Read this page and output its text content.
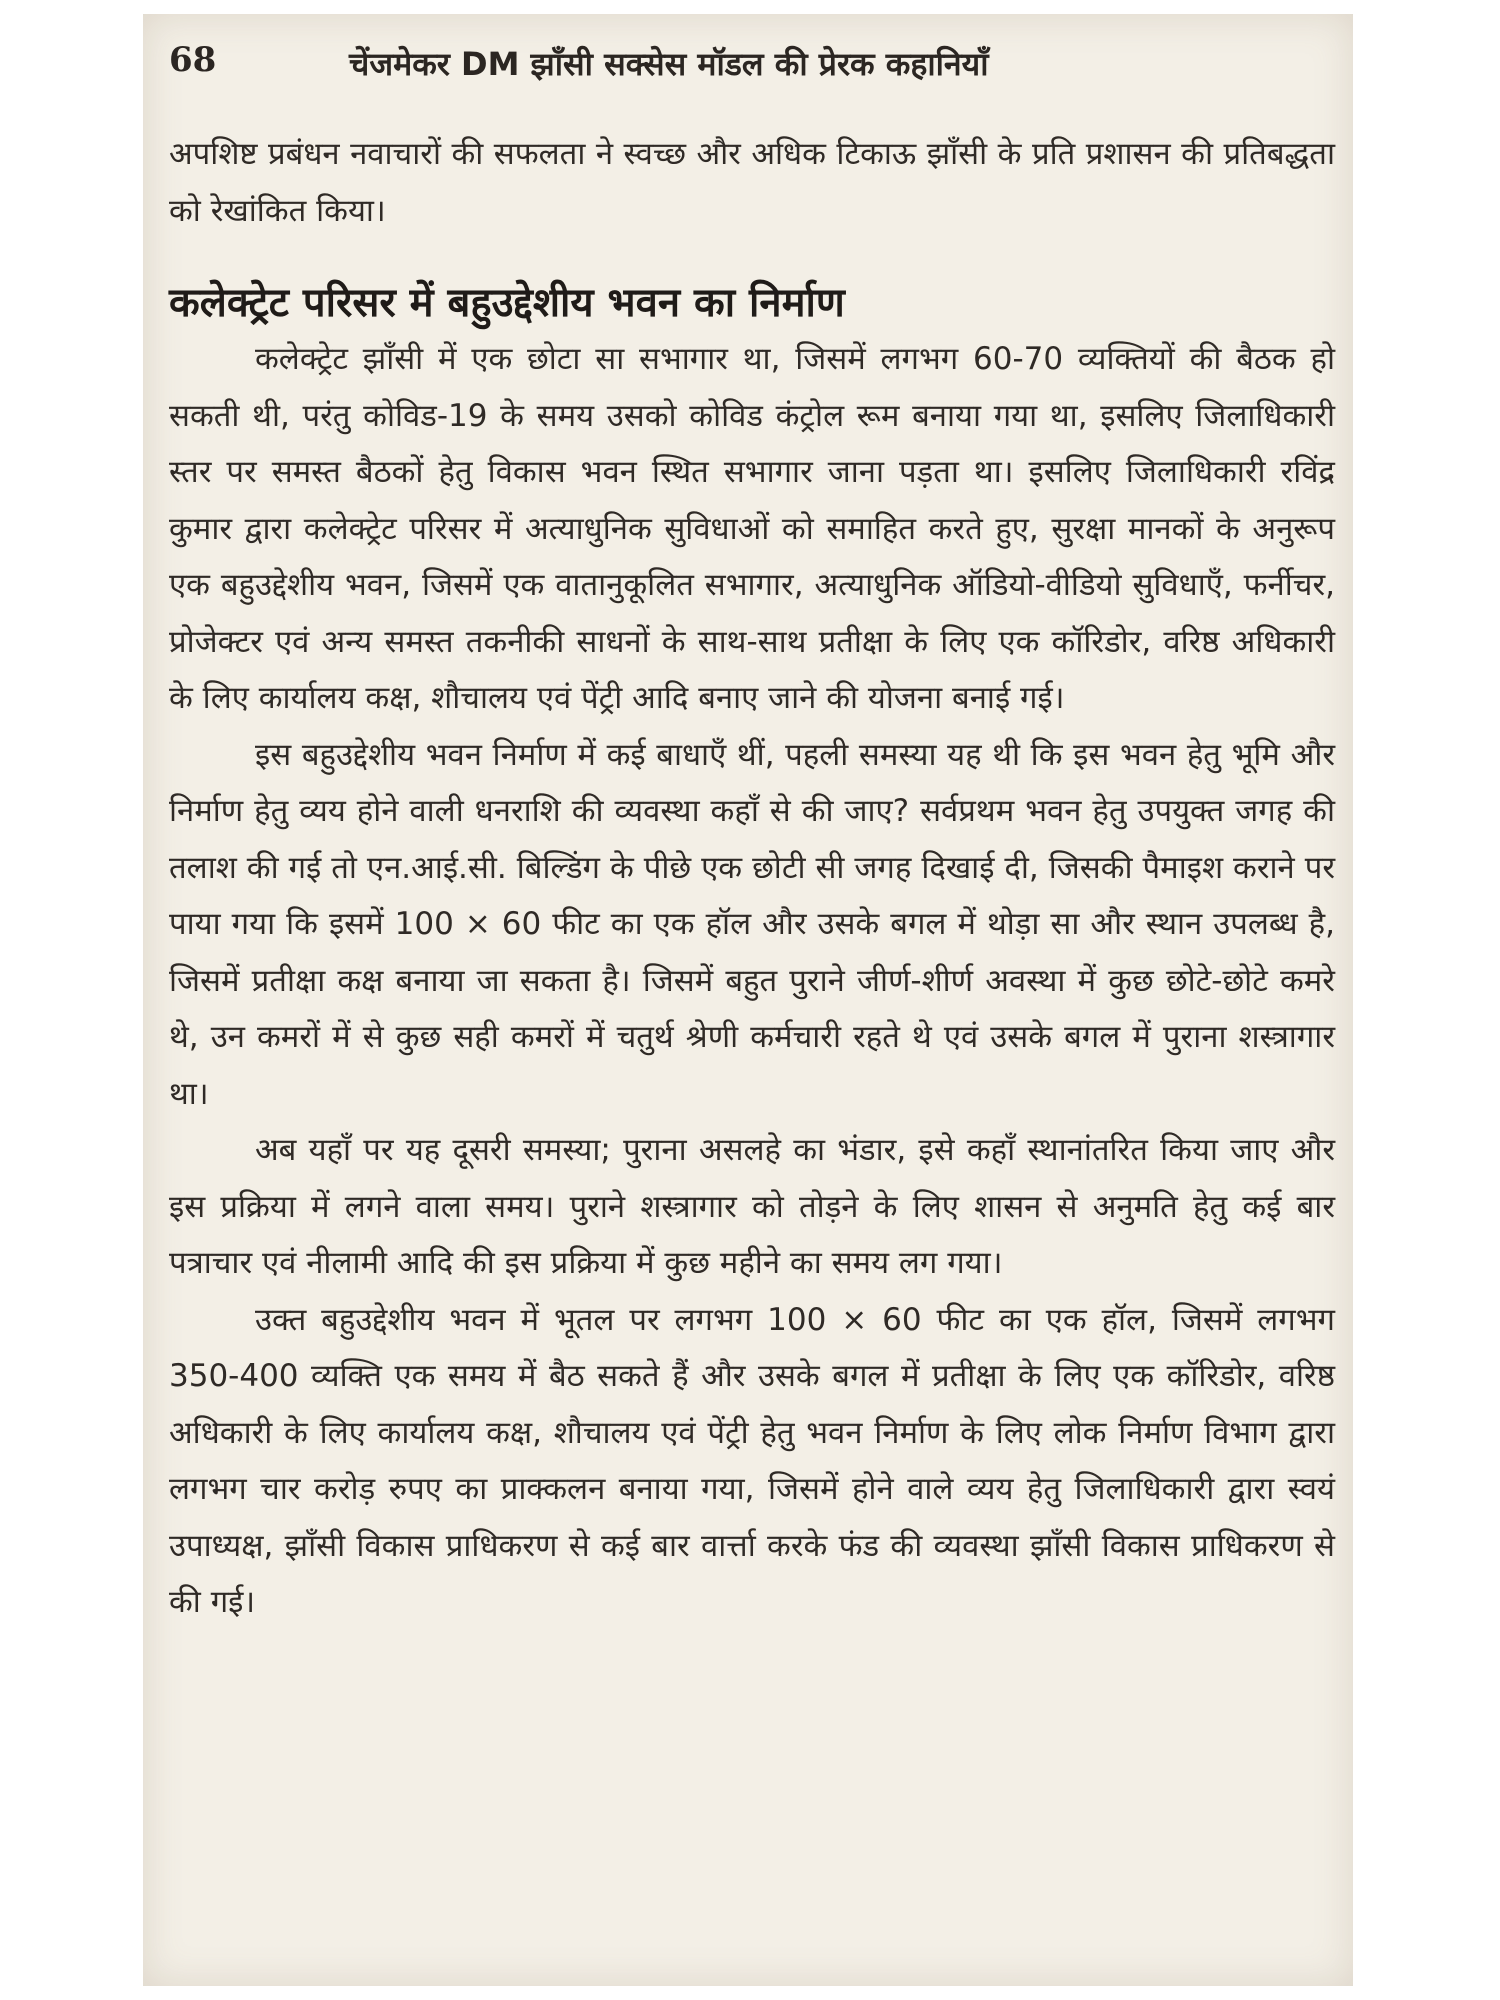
68	चेंजमेकर DM झाँसी सक्सेस मॉडल की प्रेरक कहानियाँ

अपशिष्ट प्रबंधन नवाचारों की सफलता ने स्वच्छ और अधिक टिकाऊ झाँसी के प्रति प्रशासन की प्रतिबद्धता को रेखांकित किया।

कलेक्ट्रेट परिसर में बहुउद्देशीय भवन का निर्माण

कलेक्ट्रेट झाँसी में एक छोटा सा सभागार था, जिसमें लगभग 60-70 व्यक्तियों की बैठक हो सकती थी, परंतु कोविड-19 के समय उसको कोविड कंट्रोल रूम बनाया गया था, इसलिए जिलाधिकारी स्तर पर समस्त बैठकों हेतु विकास भवन स्थित सभागार जाना पड़ता था। इसलिए जिलाधिकारी रविंद्र कुमार द्वारा कलेक्ट्रेट परिसर में अत्याधुनिक सुविधाओं को समाहित करते हुए, सुरक्षा मानकों के अनुरूप एक बहुउद्देशीय भवन, जिसमें एक वातानुकूलित सभागार, अत्याधुनिक ऑडियो-वीडियो सुविधाएँ, फर्नीचर, प्रोजेक्टर एवं अन्य समस्त तकनीकी साधनों के साथ-साथ प्रतीक्षा के लिए एक कॉरिडोर, वरिष्ठ अधिकारी के लिए कार्यालय कक्ष, शौचालय एवं पेंट्री आदि बनाए जाने की योजना बनाई गई।

इस बहुउद्देशीय भवन निर्माण में कई बाधाएँ थीं, पहली समस्या यह थी कि इस भवन हेतु भूमि और निर्माण हेतु व्यय होने वाली धनराशि की व्यवस्था कहाँ से की जाए? सर्वप्रथम भवन हेतु उपयुक्त जगह की तलाश की गई तो एन.आई.सी. बिल्डिंग के पीछे एक छोटी सी जगह दिखाई दी, जिसकी पैमाइश कराने पर पाया गया कि इसमें 100 × 60 फीट का एक हॉल और उसके बगल में थोड़ा सा और स्थान उपलब्ध है, जिसमें प्रतीक्षा कक्ष बनाया जा सकता है। जिसमें बहुत पुराने जीर्ण-शीर्ण अवस्था में कुछ छोटे-छोटे कमरे थे, उन कमरों में से कुछ सही कमरों में चतुर्थ श्रेणी कर्मचारी रहते थे एवं उसके बगल में पुराना शस्त्रागार था।

अब यहाँ पर यह दूसरी समस्या; पुराना असलहे का भंडार, इसे कहाँ स्थानांतरित किया जाए और इस प्रक्रिया में लगने वाला समय। पुराने शस्त्रागार को तोड़ने के लिए शासन से अनुमति हेतु कई बार पत्राचार एवं नीलामी आदि की इस प्रक्रिया में कुछ महीने का समय लग गया।

उक्त बहुउद्देशीय भवन में भूतल पर लगभग 100 × 60 फीट का एक हॉल, जिसमें लगभग 350-400 व्यक्ति एक समय में बैठ सकते हैं और उसके बगल में प्रतीक्षा के लिए एक कॉरिडोर, वरिष्ठ अधिकारी के लिए कार्यालय कक्ष, शौचालय एवं पेंट्री हेतु भवन निर्माण के लिए लोक निर्माण विभाग द्वारा लगभग चार करोड़ रुपए का प्राक्कलन बनाया गया, जिसमें होने वाले व्यय हेतु जिलाधिकारी द्वारा स्वयं उपाध्यक्ष, झाँसी विकास प्राधिकरण से कई बार वार्त्ता करके फंड की व्यवस्था झाँसी विकास प्राधिकरण से की गई।
